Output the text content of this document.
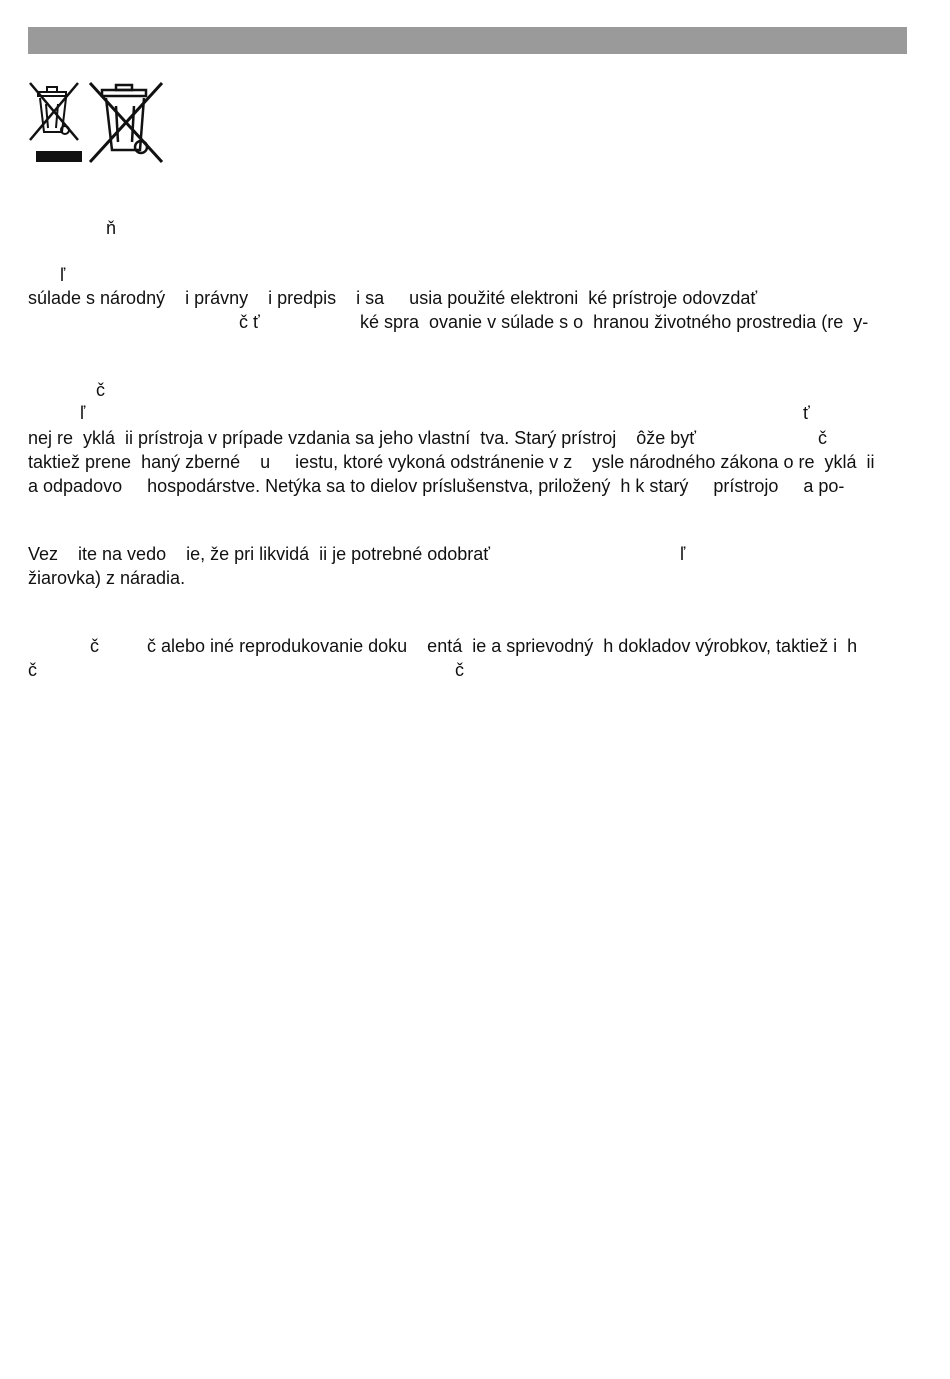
ň
ľ
súlade s národný    i právny    i predpis    i sa     usia použité elektroni  ké prístroje odovzdať
č ť	ké spra  ovanie v súlade s o  hranou životného prostredia (re  y-
č
ľ	ť
nej re  yklá  ii prístroja v prípade vzdania sa jeho vlastní  tva. Starý prístroj    ôže byť	č
taktiež prene  haný zberné    u     iestu, ktoré vykoná odstránenie v z    ysle národného zákona o re  yklá  ii
a odpadovo     hospodárstve. Netýka sa to dielov príslušenstva, priložený  h k starý     prístrojo     a po-
Vez    ite na vedo    ie, že pri likvidá  ii je potrebné odobrať	ľ
žiarovka) z náradia.
č	č alebo iné reprodukovanie doku    entá  ie a sprievodný  h dokladov výrobkov, taktiež i  h
č	č
